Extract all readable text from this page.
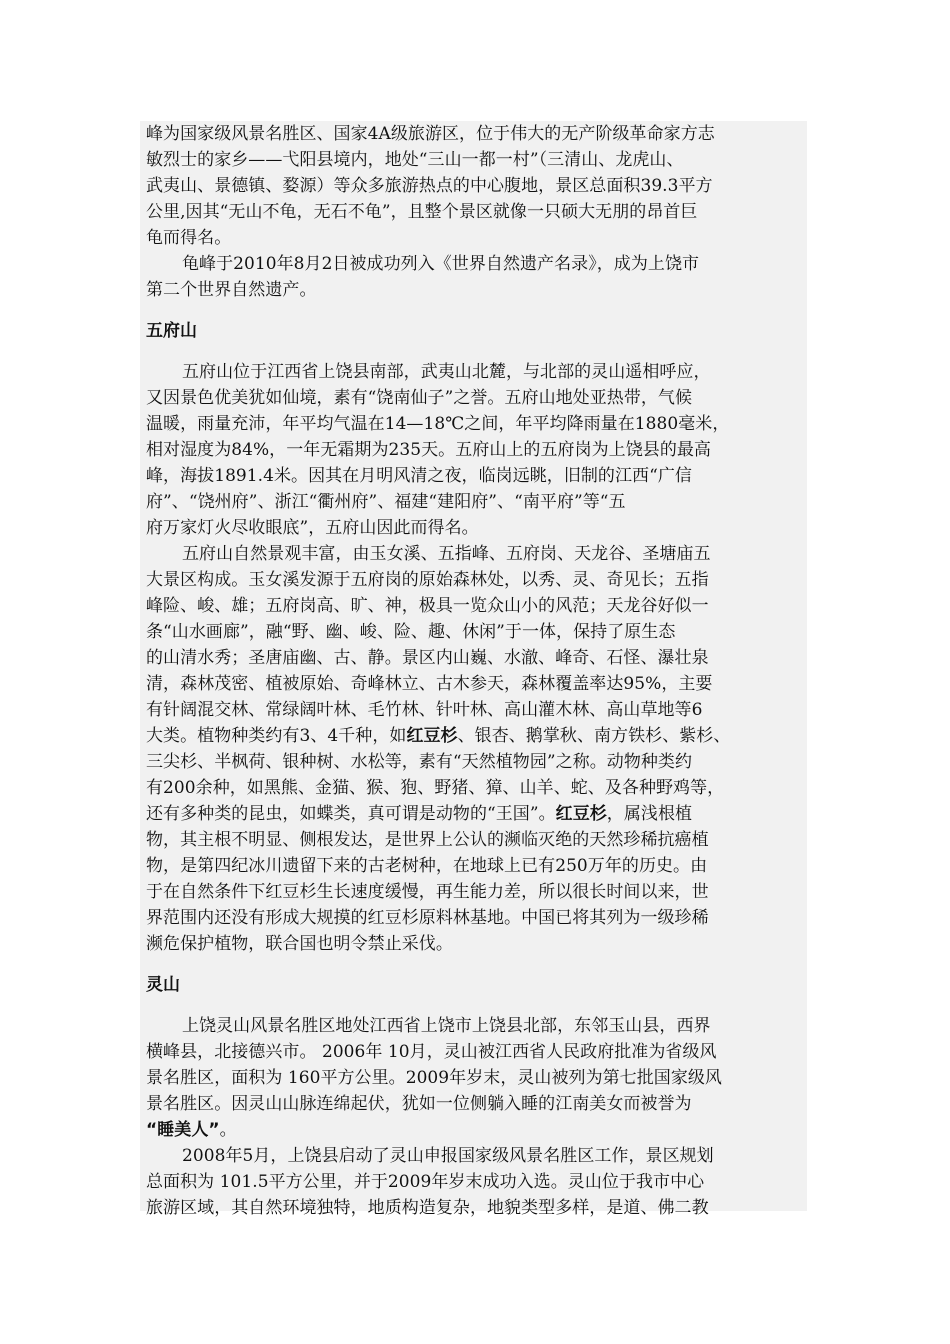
峰为国家级风景名胜区、国家4A级旅游区，位于伟大的无产阶级革命家方志
敏烈士的家乡——弋阳县境内，地处“三山一都一村”（三清山、龙虎山、
武夷山、景德镇、婺源）等众多旅游热点的中心腹地，景区总面积39.3平方
公里,因其“无山不龟，无石不龟”，且整个景区就像一只硕大无朋的昂首巨
龟而得名。
龟峰于2010年8月2日被成功列入《世界自然遗产名录》，成为上饶市
第二个世界自然遗产。
五府山
五府山位于江西省上饶县南部，武夷山北麓，与北部的灵山遥相呼应，
又因景色优美犹如仙境，素有“饶南仙子”之誉。五府山地处亚热带，气候
温暖，雨量充沛，年平均气温在14—18℃之间，年平均降雨量在1880毫米，
相对湿度为84%，一年无霜期为235天。五府山上的五府岗为上饶县的最高
峰，海拔1891.4米。因其在月明风清之夜，临岗远眺，旧制的江西“广信
府”、“饶州府”、浙江“衢州府”、福建“建阳府”、“南平府”等“五
府万家灯火尽收眼底”，五府山因此而得名。
五府山自然景观丰富，由玉女溪、五指峰、五府岗、天龙谷、圣塘庙五
大景区构成。玉女溪发源于五府岗的原始森林处，以秀、灵、奇见长；五指
峰险、峻、雄；五府岗高、旷、神，极具一览众山小的风范；天龙谷好似一
条“山水画廊”，融“野、幽、峻、险、趣、休闲”于一体，保持了原生态
的山清水秀；圣唐庙幽、古、静。景区内山巍、水澈、峰奇、石怪、瀑壮泉
清，森林茂密、植被原始、奇峰林立、古木参天，森林覆盖率达95%，主要
有针阔混交林、常绿阔叶林、毛竹林、针叶林、高山灌木林、高山草地等6
大类。植物种类约有3、4千种，如红豆杉、银杏、鹅掌秋、南方铁杉、紫杉、
三尖杉、半枫荷、银种树、水松等，素有“天然植物园”之称。动物种类约
有200余种，如黑熊、金猫、猴、狍、野猪、獐、山羊、蛇、及各种野鸡等，
还有多种类的昆虫，如蝶类，真可谓是动物的“王国”。红豆杉，属浅根植
物，其主根不明显、侧根发达，是世界上公认的濒临灭绝的天然珍稀抗癌植
物，是第四纪冰川遗留下来的古老树种，在地球上已有250万年的历史。由
于在自然条件下红豆杉生长速度缓慢，再生能力差，所以很长时间以来，世
界范围内还没有形成大规摸的红豆杉原料林基地。中国已将其列为一级珍稀
濒危保护植物，联合国也明令禁止采伐。
灵山
上饶灵山风景名胜区地处江西省上饶市上饶县北部，东邻玉山县，西界
横峰县，北接德兴市。 2006年 10月，灵山被江西省人民政府批准为省级风
景名胜区，面积为 160平方公里。2009年岁末，灵山被列为第七批国家级风
景名胜区。因灵山山脉连绵起伏，犹如一位侧躺入睡的江南美女而被誉为
“睡美人”。
2008年5月，上饶县启动了灵山申报国家级风景名胜区工作，景区规划
总面积为 101.5平方公里，并于2009年岁末成功入选。灵山位于我市中心
旅游区域，其自然环境独特，地质构造复杂，地貌类型多样，是道、佛二教
